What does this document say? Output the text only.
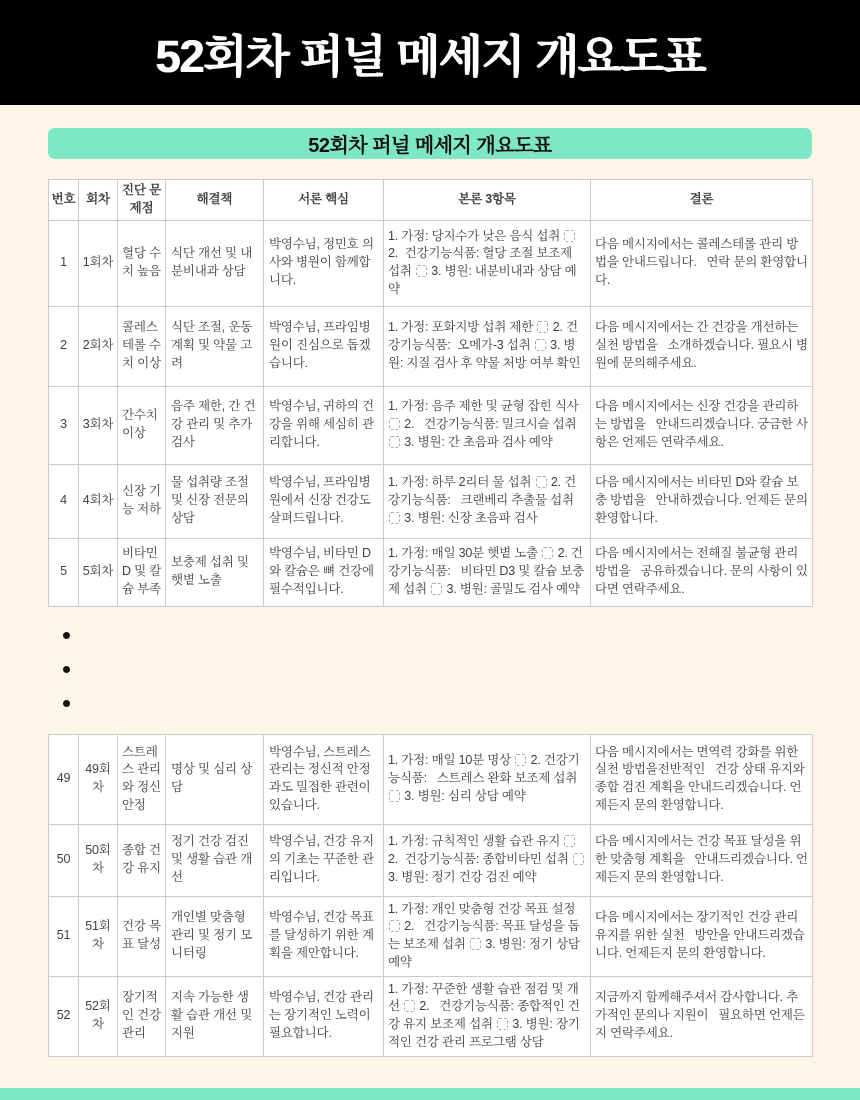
52회차 퍼널 메세지 개요도표
52회차 퍼널 메세지 개요도표
번호	회차	진단 문제점	해결책	서론 핵심	본론 3항목	결론
1	1회차	혈당 수치 높음	식단 개선 및 내분비내과 상담	박영수님, 정민호 의사와 병원이 함께합니다.	1. 가정: 당지수가 낮은 음식 섭취  2.  건강기능식품: 혈당 조절 보조제 섭취  3. 병원: 내분비내과 상담 예약	다음 메시지에서는 콜레스테롤 관리 방법을 안내드립니다.   연락 문의 환영합니다.
2	2회차	콜레스테롤 수치 이상	식단 조절, 운동 계획 및 약물 고려	박영수님, 프라임병원이 진심으로 돕겠습니다.	1. 가정: 포화지방 섭취 제한  2. 건강기능식품:  오메가-3 섭취  3. 병원: 지질 검사 후 약물 처방 여부 확인	다음 메시지에서는 간 건강을 개선하는 실천 방법을   소개하겠습니다. 필요시 병원에 문의해주세요.
3	3회차	간수치 이상	음주 제한, 간 건강 관리 및 추가 검사	박영수님, 귀하의 건강을 위해 세심히 관리합니다.	1. 가정: 음주 제한 및 균형 잡힌 식사  2.   건강기능식품: 밀크시슬 섭취  3. 병원: 간 초음파 검사 예약	다음 메시지에서는 신장 건강을 관리하는 방법을   안내드리겠습니다. 궁금한 사항은 언제든 연락주세요.
4	4회차	신장 기능 저하	물 섭취량 조절 및 신장 전문의 상담	박영수님, 프라임병원에서 신장 건강도 살펴드립니다.	1. 가정: 하루 2리터 물 섭취  2. 건강기능식품:   크랜베리 추출물 섭취  3. 병원: 신장 초음파 검사	다음 메시지에서는 비타민 D와 칼슘 보충 방법을   안내하겠습니다. 언제든 문의 환영합니다.
5	5회차	비타민 D 및 칼슘 부족	보충제 섭취 및 햇볕 노출	박영수님, 비타민 D와 칼슘은 뼈 건강에 필수적입니다.	1. 가정: 매일 30분 햇볕 노출  2. 건강기능식품:   비타민 D3 및 칼슘 보충제 섭취  3. 병원: 골밀도 검사 예약	다음 메시지에서는 전해질 불균형 관리 방법을   공유하겠습니다. 문의 사항이 있다면 연락주세요.
49	49회차	스트레스 관리와 정신 안정	명상 및 심리 상담	박영수님, 스트레스 관리는 정신적 안정과도 밀접한 관련이 있습니다.	1. 가정: 매일 10분 명상  2. 건강기능식품:   스트레스 완화 보조제 섭취  3. 병원: 심리 상담 예약	다음 메시지에서는 면역력 강화를 위한 실천 방법을전반적인   건강 상태 유지와 종합 검진 계획을 안내드리겠습니다. 언제든지 문의 환영합니다.
50	50회차	종합 건강 유지	정기 건강 검진 및 생활 습관 개선	박영수님, 건강 유지의 기초는 꾸준한 관리입니다.	1. 가정: 규칙적인 생활 습관 유지  2.  건강기능식품: 종합비타민 섭취  3. 병원: 정기 건강 검진 예약	다음 메시지에서는 건강 목표 달성을 위한 맞춤형 계획을   안내드리겠습니다. 언제든지 문의 환영합니다.
51	51회차	건강 목표 달성	개인별 맞춤형 관리 및 정기 모니터링	박영수님, 건강 목표를 달성하기 위한 계획을 제안합니다.	1. 가정: 개인 맞춤형 건강 목표 설정  2.   건강기능식품: 목표 달성을 돕는 보조제 섭취  3. 병원: 정기 상담 예약	다음 메시지에서는 장기적인 건강 관리 유지를 위한 실천   방안을 안내드리겠습니다. 언제든지 문의 환영합니다.
52	52회차	장기적인 건강 관리	지속 가능한 생활 습관 개선 및 지원	박영수님, 건강 관리는 장기적인 노력이 필요합니다.	1. 가정: 꾸준한 생활 습관 점검 및 개선  2.   건강기능식품: 종합적인 건강 유지 보조제 섭취  3. 병원: 장기적인 건강 관리 프로그램 상담	지금까지 함께해주셔서 감사합니다. 추가적인 문의나 지원이   필요하면 언제든지 연락주세요.
